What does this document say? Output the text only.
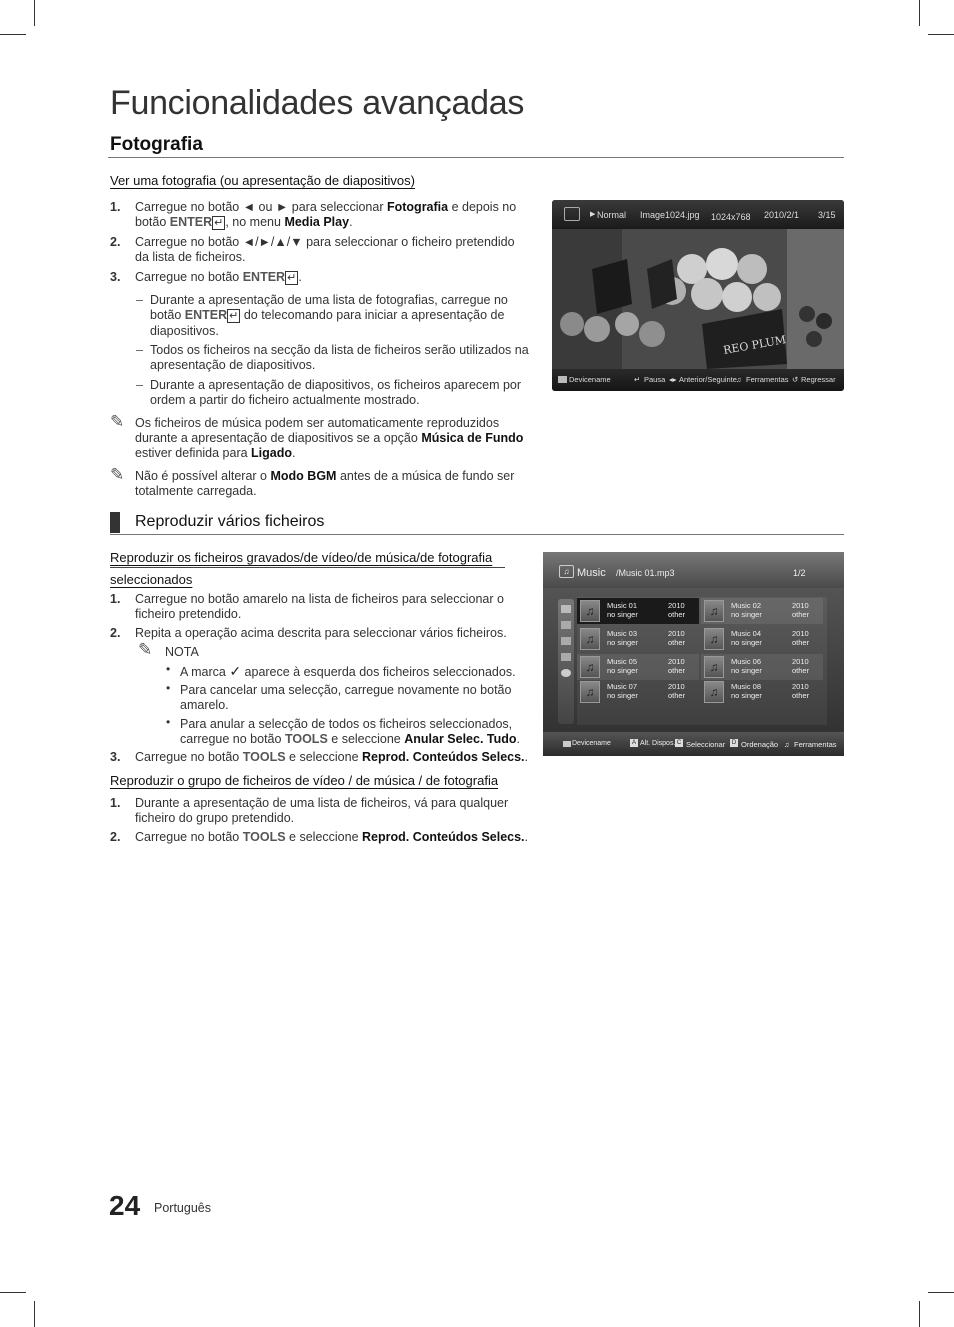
Funcionalidades avançadas
Fotografia
Ver uma fotografia (ou apresentação de diapositivos)
1. Carregue no botão ◄ ou ► para seleccionar Fotografia e depois no
botão ENTER ↵ , no menu Media Play.
2. Carregue no botão ◄/►/▲/▼ para seleccionar o ficheiro pretendido
da lista de ficheiros.
3. Carregue no botão ENTER ↵ .
– Durante a apresentação de uma lista de fotografias, carregue no
botão ENTER ↵ do telecomando para iniciar a apresentação de
diapositivos.
– Todos os ficheiros na secção da lista de ficheiros serão utilizados na
apresentação de diapositivos.
– Durante a apresentação de diapositivos, os ficheiros aparecem por
ordem a partir do ficheiro actualmente mostrado.
✎ Os ficheiros de música podem ser automaticamente reproduzidos
durante a apresentação de diapositivos se a opção Música de Fundo
estiver definida para Ligado.
✎ Não é possível alterar o Modo BGM antes de a música de fundo ser
totalmente carregada.
▶ Normal Image1024.jpg 1024x768 2010/2/1 3/15
REO PLUM
Devicename	↵ Pausa ◂▸ Anterior/Seguinte ♫ Ferramentas ↺ Regressar
Reproduzir vários ficheiros
Reproduzir os ficheiros gravados/de vídeo/de música/de fotografia
seleccionados
1. Carregue no botão amarelo na lista de ficheiros para seleccionar o
ficheiro pretendido.
2. Repita a operação acima descrita para seleccionar vários ficheiros.
✎ NOTA
• A marca ✓ aparece à esquerda dos ficheiros seleccionados.
• Para cancelar uma selecção, carregue novamente no botão
amarelo.
• Para anular a selecção de todos os ficheiros seleccionados,
carregue no botão TOOLS e seleccione Anular Selec. Tudo.
3. Carregue no botão TOOLS e seleccione Reprod. Conteúdos Selecs..
Reproduzir o grupo de ficheiros de vídeo / de música / de fotografia
1. Durante a apresentação de uma lista de ficheiros, vá para qualquer
ficheiro do grupo pretendido.
2. Carregue no botão TOOLS e seleccione Reprod. Conteúdos Selecs..
♫ Music /Music 01.mp3	1/2
♫	Music 01
no singer
2010
other	♫	Music 02
no singer
2010
other
♫	Music 03
no singer
2010
other	♫	Music 04
no singer
2010
other
♫	Music 05
no singer
2010
other	♫	Music 06
no singer
2010
other
♫	Music 07
no singer
2010
other	♫	Music 08
no singer
2010
other
Devicename	A Alt. Dispos. C Seleccionar	D Ordenação ♫ Ferramentas
24 Português
